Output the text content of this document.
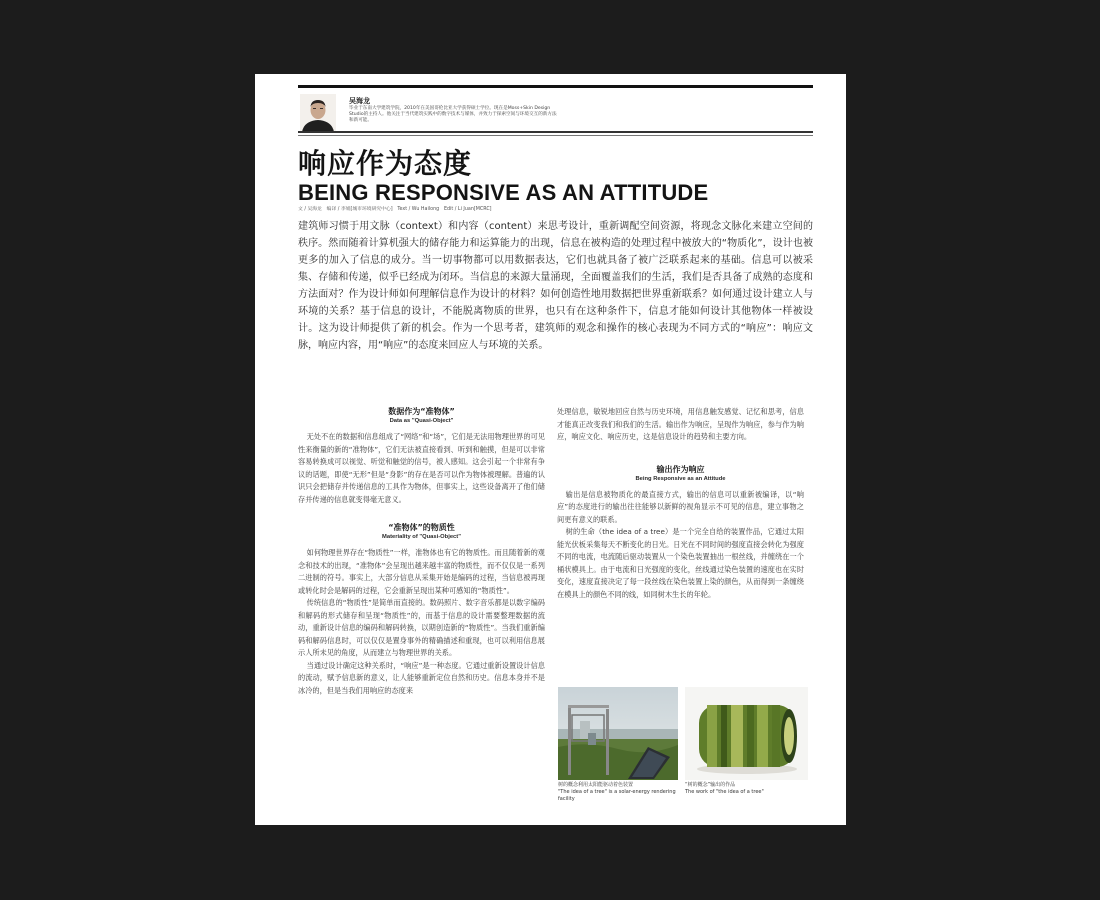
吴海龙
毕业于东南大学建筑学院，2010年在美国哥伦比亚大学获得硕士学位。现在是Moss+Skin Design Studio的主持人。他关注于当代建筑实践中的数字技术与媒体，并致力于探索空间与环境交互的新方法和新可能。
响应作为态度
BEING RESPONSIVE AS AN ATTITUDE
文 / 吴海龙　编译 / 李娟[城市环境研究中心]　Text / Wu Hailong　Edit / Li Juan[MCRC]
建筑师习惯于用文脉（context）和内容（content）来思考设计，重新调配空间资源，将现念文脉化来建立空间的秩序。然而随着计算机强大的储存能力和运算能力的出现，信息在被构造的处理过程中被放大的“物质化”，设计也被更多的加入了信息的成分。当一切事物都可以用数据表达，它们也就具备了被广泛联系起来的基础。信息可以被采集、存储和传递，似乎已经成为闭环。当信息的来源大量涌现，全面覆盖我们的生活，我们是否具备了成熟的态度和方法面对？作为设计师如何理解信息作为设计的材料？如何创造性地用数据把世界重新联系？如何通过设计建立人与环境的关系？基于信息的设计，不能脱离物质的世界，也只有在这种条件下，信息才能如何设计其他物体一样被设计。这为设计师提供了新的机会。作为一个思考者，建筑师的观念和操作的核心表现为不同方式的“响应”：响应文脉，响应内容，用“响应”的态度来回应人与环境的关系。
数据作为“准物体”
Data as "Quasi-Object"

无处不在的数据和信息组成了“网络”和“场”，它们是无法用物理世界的可见性来衡量的新的“准物体”，它们无法被直接看到、听到和触摸，但是可以非常容易转换成可以视觉、听觉和触觉的信号，被人感知。这会引起一个非常有争议的话题，即使“无形”但是“身影”的存在是否可以作为物体被理解。普遍的认识只会把储存并传递信息的工具作为物体，但事实上，这些设备离开了他们储存并传递的信息就变得毫无意义。

“准物体”的物质性
Materiality of "Quasi-Object"

如何物理世界存在“物质性”一样，准物体也有它的物质性。而且随着新的观念和技术的出现，“准物体”会呈现出越来越丰富的物质性，而不仅仅是一系列二进制的符号。事实上，大部分信息从采集开始是编码的过程，当信息被再现或转化时会是解码的过程，它会重新呈现出某种可感知的“物质性”。

传统信息的“物质性”是简单而直接的。数码照片、数字音乐都是以数字编码和解码的形式储存和呈现“物质性”的，而基于信息的设计需要整理数据的流动，重新设计信息的编码和解码转换，以期创造新的“物质性”。当我们重新编码和解码信息时，可以仅仅是置身事外的精确描述和重现，也可以利用信息展示人所未见的角度，从而建立与物理世界的关系。

当通过设计确定这种关系时，“响应”是一种态度。它通过重新设置设计信息的流动，赋予信息新的意义，让人能够重新定位自然和历史。信息本身并不是冰冷的，但是当我们用响应的态度来

处理信息，敏锐地回应自然与历史环境，用信息触发感觉、记忆和思考，信息才能真正改变我们和我们的生活。输出作为响应，呈现作为响应，参与作为响应，响应文化、响应历史，这是信息设计的趋势和主要方向。

输出作为响应
Being Responsive as an Attitude

输出是信息被物质化的最直接方式，输出的信息可以重新被编译，以“响应”的态度进行的输出往往能够以新鲜的视角显示不可见的信息，建立事物之间更有意义的联系。

树的生命（the idea of a tree）是一个完全自给的装置作品，它通过太阳能光伏板采集每天不断变化的日光。日光在不同时间的强度直接会转化为强度不同的电流，电流随后驱动装置从一个染色装置抽出一根丝线，并缠绕在一个桶状模具上。由于电流和日光强度的变化，丝线通过染色装置的速度也在实时变化，速度直接决定了每一段丝线在染色装置上染的颜色，从而得到一条缠绕在模具上的颜色不同的线，如同树木生长的年轮。

树的概念利用太阳能驱动着色装置
"The idea of a tree" is a solar-energy rendering facility
“树的概念”输出的作品
The work of "the idea of a tree"
